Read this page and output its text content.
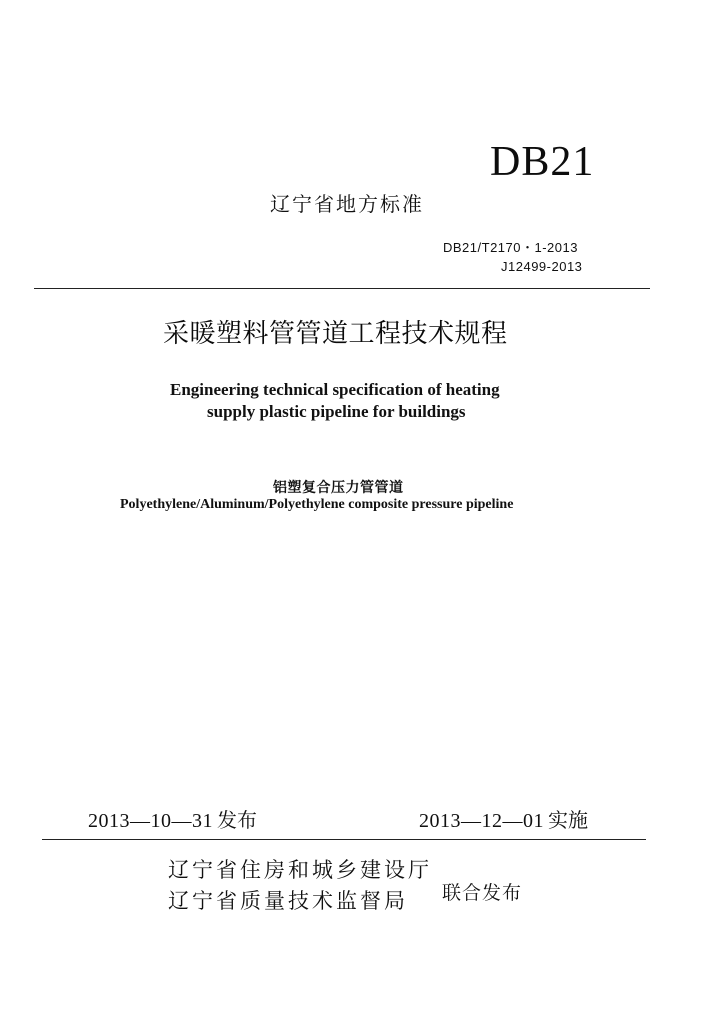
DB21
辽宁省地方标准
DB21/T2170・1-2013
J12499-2013
采暖塑料管管道工程技术规程
Engineering technical specification of heating
supply plastic pipeline for buildings
铝塑复合压力管管道
Polyethylene/Aluminum/Polyethylene composite pressure pipeline
2013—10—31 发布	2013—12—01 实施
辽宁省住房和城乡建设厅
辽宁省质量技术监督局 联合发布
